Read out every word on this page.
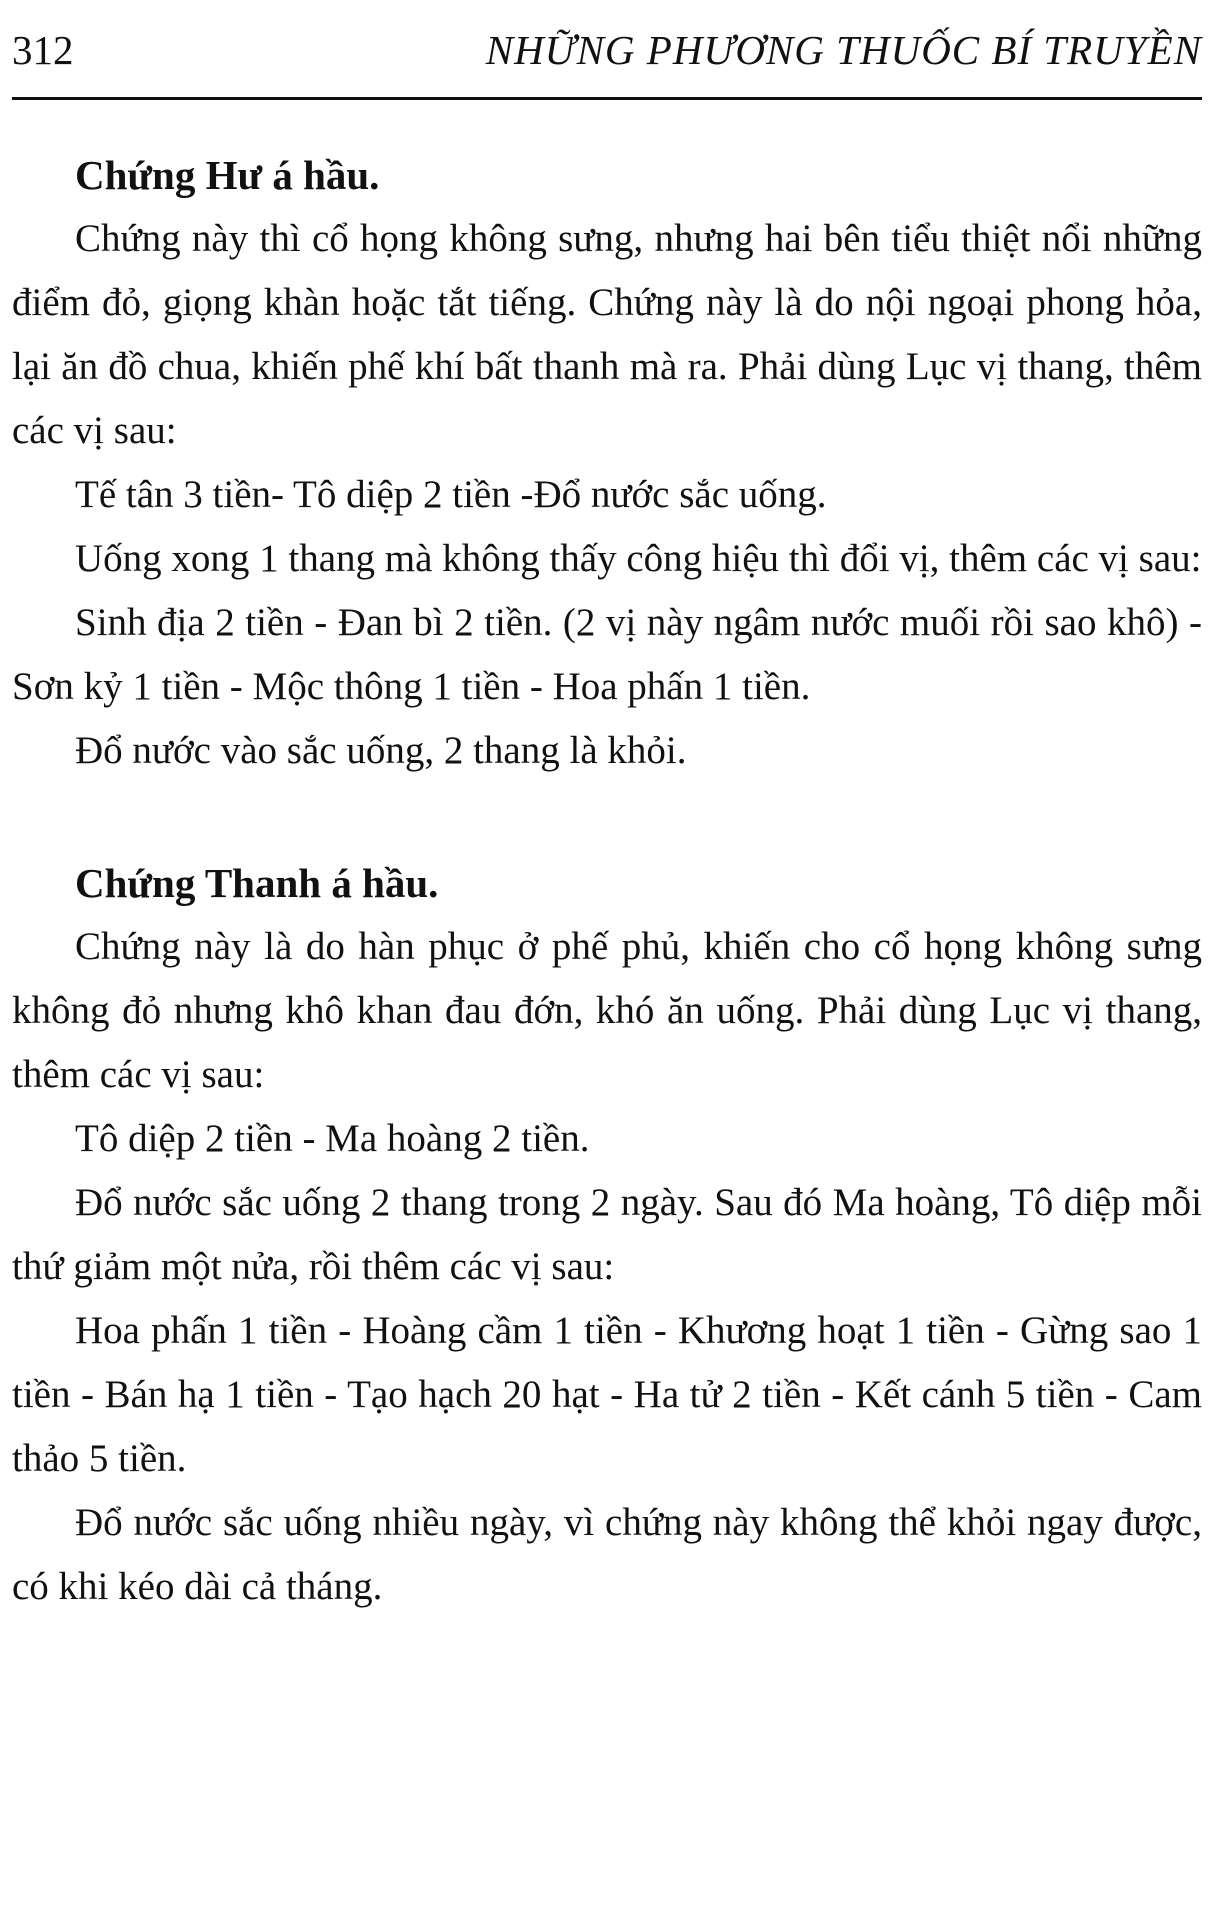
312	NHỮNG PHƯƠNG THUỐC BÍ TRUYỀN
Chứng Hư á hầu.

Chứng này thì cổ họng không sưng, nhưng hai bên tiểu thiệt nổi những điểm đỏ, giọng khàn hoặc tắt tiếng. Chứng này là do nội ngoại phong hỏa, lại ăn đồ chua, khiến phế khí bất thanh mà ra. Phải dùng Lục vị thang, thêm các vị sau:

Tế tân 3 tiền- Tô diệp 2 tiền -Đổ nước sắc uống.

Uống xong 1 thang mà không thấy công hiệu thì đổi vị, thêm các vị sau:

Sinh địa 2 tiền - Đan bì 2 tiền. (2 vị này ngâm nước muối rồi sao khô) - Sơn kỷ 1 tiền - Mộc thông 1 tiền - Hoa phấn 1 tiền.

Đổ nước vào sắc uống, 2 thang là khỏi.

Chứng Thanh á hầu.

Chứng này là do hàn phục ở phế phủ, khiến cho cổ họng không sưng không đỏ nhưng khô khan đau đớn, khó ăn uống. Phải dùng Lục vị thang, thêm các vị sau:

Tô diệp 2 tiền - Ma hoàng 2 tiền.

Đổ nước sắc uống 2 thang trong 2 ngày. Sau đó Ma hoàng, Tô diệp mỗi thứ giảm một nửa, rồi thêm các vị sau:

Hoa phấn 1 tiền - Hoàng cầm 1 tiền - Khương hoạt 1 tiền - Gừng sao 1 tiền - Bán hạ 1 tiền - Tạo hạch 20 hạt - Ha tử 2 tiền - Kết cánh 5 tiền - Cam thảo 5 tiền.

Đổ nước sắc uống nhiều ngày, vì chứng này không thể khỏi ngay được, có khi kéo dài cả tháng.
